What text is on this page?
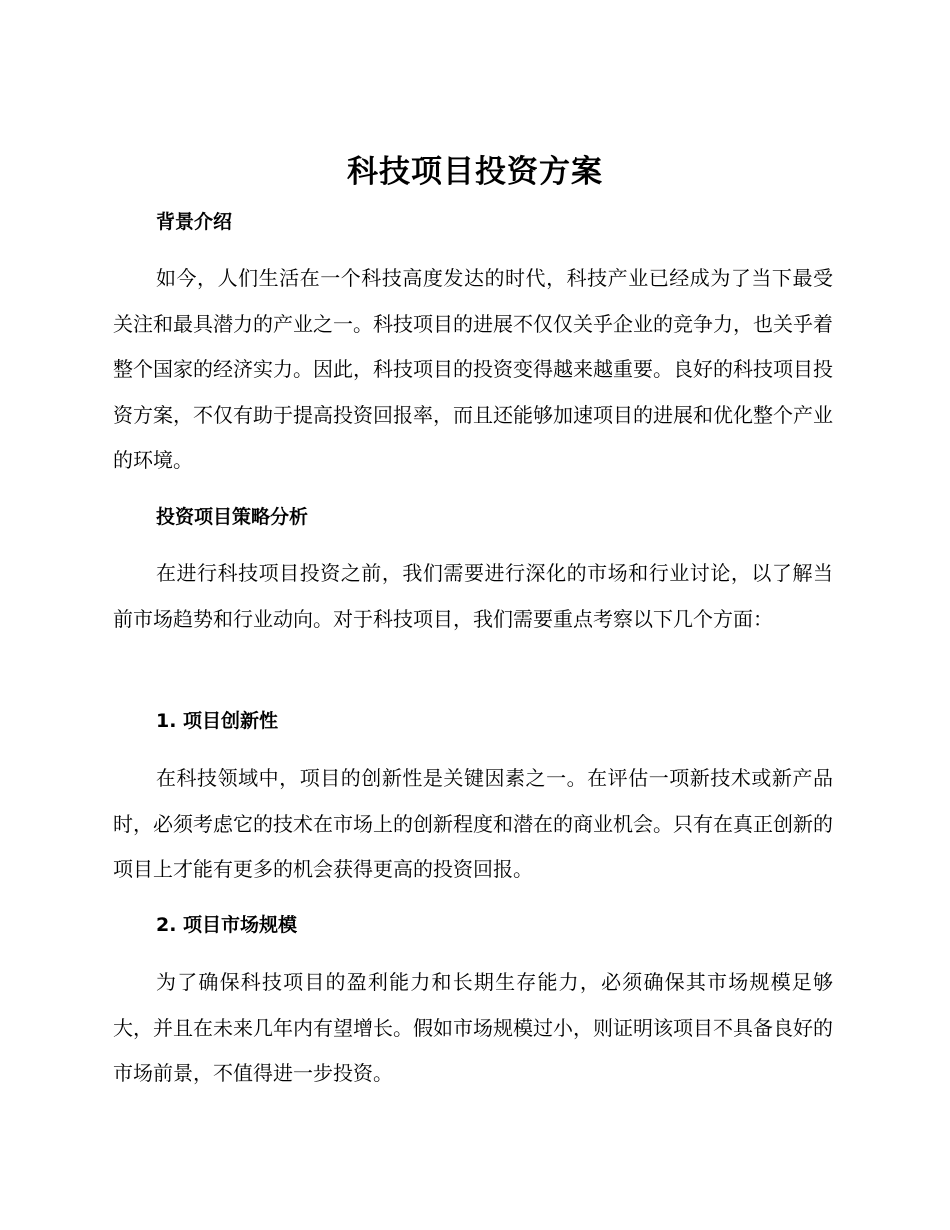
科技项目投资方案
背景介绍

如今，人们生活在一个科技高度发达的时代，科技产业已经成为了当下最受关注和最具潜力的产业之一。科技项目的进展不仅仅关乎企业的竞争力，也关乎着整个国家的经济实力。因此，科技项目的投资变得越来越重要。良好的科技项目投资方案，不仅有助于提高投资回报率，而且还能够加速项目的进展和优化整个产业的环境。

投资项目策略分析

在进行科技项目投资之前，我们需要进行深化的市场和行业讨论，以了解当前市场趋势和行业动向。对于科技项目，我们需要重点考察以下几个方面：

1. 项目创新性

在科技领域中，项目的创新性是关键因素之一。在评估一项新技术或新产品时，必须考虑它的技术在市场上的创新程度和潜在的商业机会。只有在真正创新的项目上才能有更多的机会获得更高的投资回报。

2. 项目市场规模

为了确保科技项目的盈利能力和长期生存能力，必须确保其市场规模足够大，并且在未来几年内有望增长。假如市场规模过小，则证明该项目不具备良好的市场前景，不值得进一步投资。
